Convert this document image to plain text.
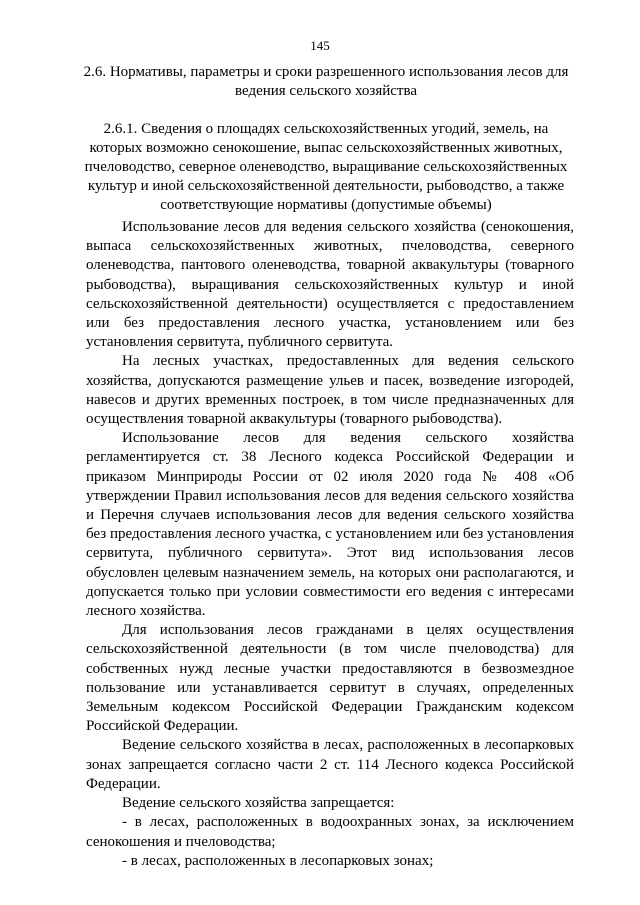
145
2.6. Нормативы, параметры и сроки разрешенного использования лесов для ведения сельского хозяйства
2.6.1. Сведения о площадях сельскохозяйственных угодий, земель, на которых возможно сенокошение, выпас сельскохозяйственных животных, пчеловодство, северное оленеводство, выращивание сельскохозяйственных культур и иной сельскохозяйственной деятельности, рыбоводство, а также соответствующие нормативы (допустимые объемы)

Использование лесов для ведения сельского хозяйства (сенокошения, выпаса сельскохозяйственных животных, пчеловодства, северного оленеводства, пантового оленеводства, товарной аквакультуры (товарного рыбоводства), выращивания сельскохозяйственных культур и иной сельскохозяйственной деятельности) осуществляется с предоставлением или без предоставления лесного участка, установлением или без установления сервитута, публичного сервитута.

На лесных участках, предоставленных для ведения сельского хозяйства, допускаются размещение ульев и пасек, возведение изгородей, навесов и других временных построек, в том числе предназначенных для осуществления товарной аквакультуры (товарного рыбоводства).

Использование лесов для ведения сельского хозяйства регламентируется ст. 38 Лесного кодекса Российской Федерации и приказом Минприроды России от 02 июля 2020 года № 408 «Об утверждении Правил использования лесов для ведения сельского хозяйства и Перечня случаев использования лесов для ведения сельского хозяйства без предоставления лесного участка, с установлением или без установления сервитута, публичного сервитута». Этот вид использования лесов обусловлен целевым назначением земель, на которых они располагаются, и допускается только при условии совместимости его ведения с интересами лесного хозяйства.

Для использования лесов гражданами в целях осуществления сельскохозяйственной деятельности (в том числе пчеловодства) для собственных нужд лесные участки предоставляются в безвозмездное пользование или устанавливается сервитут в случаях, определенных Земельным кодексом Российской Федерации Гражданским кодексом Российской Федерации.

Ведение сельского хозяйства в лесах, расположенных в лесопарковых зонах запрещается согласно части 2 ст. 114 Лесного кодекса Российской Федерации.

Ведение сельского хозяйства запрещается:

- в лесах, расположенных в водоохранных зонах, за исключением сенокошения и пчеловодства;

- в лесах, расположенных в лесопарковых зонах;
